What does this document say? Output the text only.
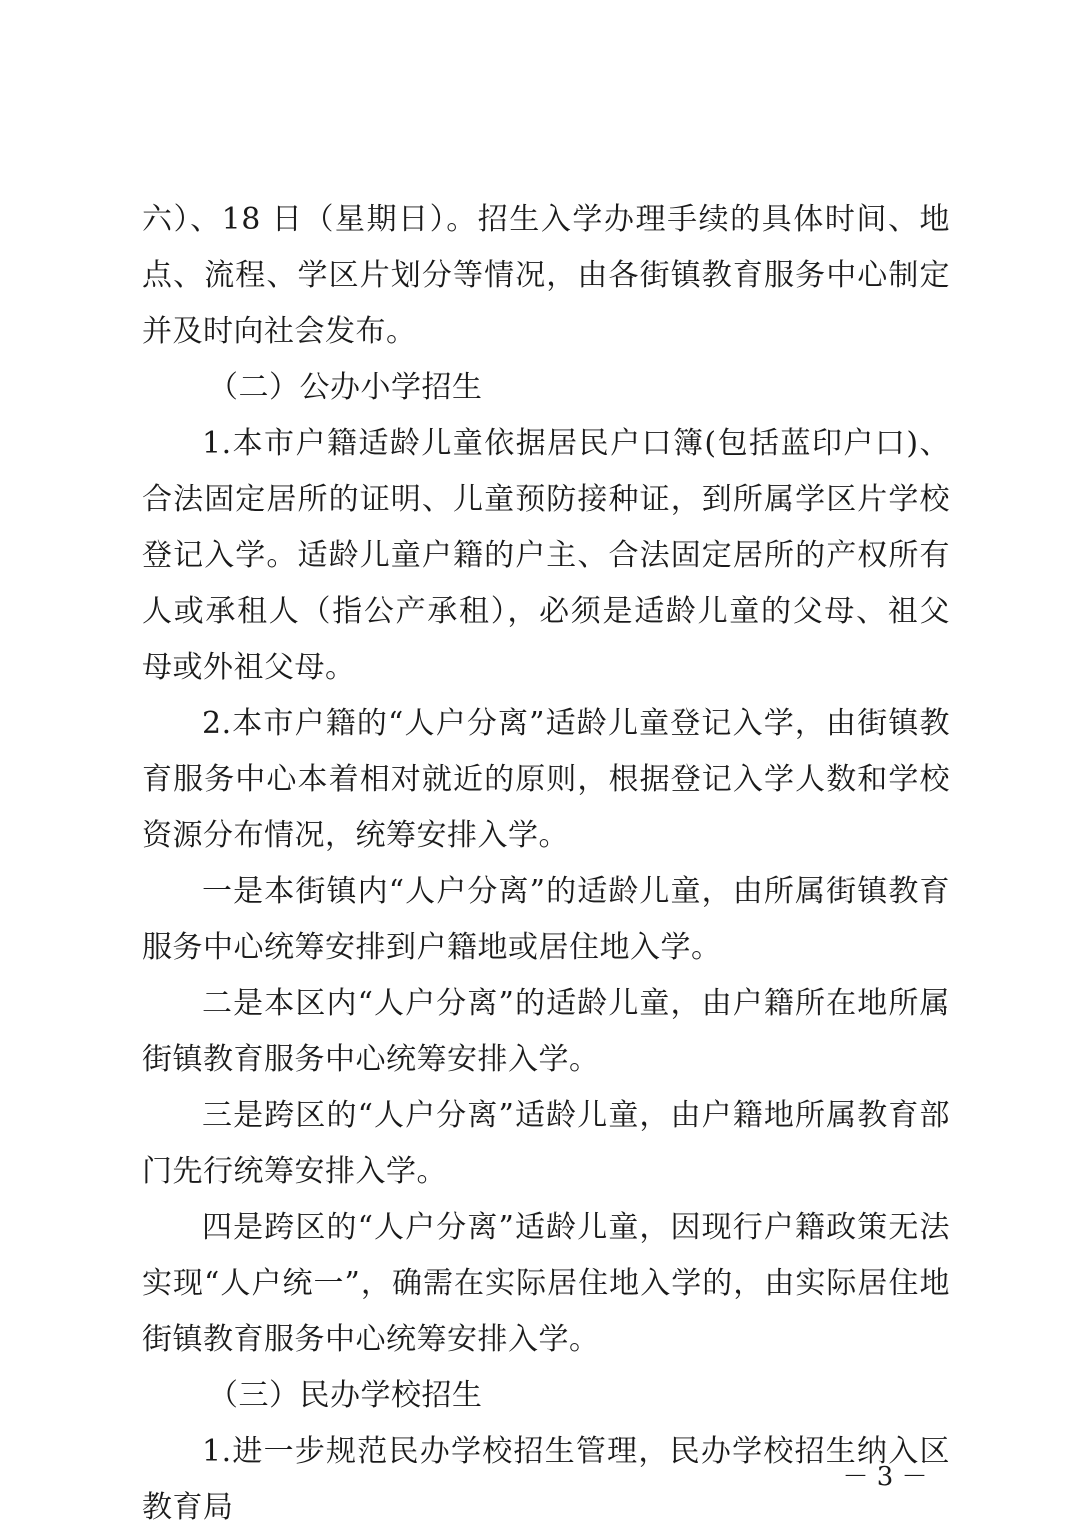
六）、18 日（星期日）。招生入学办理手续的具体时间、地点、流程、学区片划分等情况，由各街镇教育服务中心制定并及时向社会发布。

（二）公办小学招生

1.本市户籍适龄儿童依据居民户口簿(包括蓝印户口)、合法固定居所的证明、儿童预防接种证，到所属学区片学校登记入学。适龄儿童户籍的户主、合法固定居所的产权所有人或承租人（指公产承租），必须是适龄儿童的父母、祖父母或外祖父母。

2.本市户籍的“人户分离”适龄儿童登记入学，由街镇教育服务中心本着相对就近的原则，根据登记入学人数和学校资源分布情况，统筹安排入学。

一是本街镇内“人户分离”的适龄儿童，由所属街镇教育服务中心统筹安排到户籍地或居住地入学。

二是本区内“人户分离”的适龄儿童，由户籍所在地所属街镇教育服务中心统筹安排入学。

三是跨区的“人户分离”适龄儿童，由户籍地所属教育部门先行统筹安排入学。

四是跨区的“人户分离”适龄儿童，因现行户籍政策无法实现“人户统一”，确需在实际居住地入学的，由实际居住地街镇教育服务中心统筹安排入学。

（三）民办学校招生

1.进一步规范民办学校招生管理，民办学校招生纳入区教育局

－ 3 －
